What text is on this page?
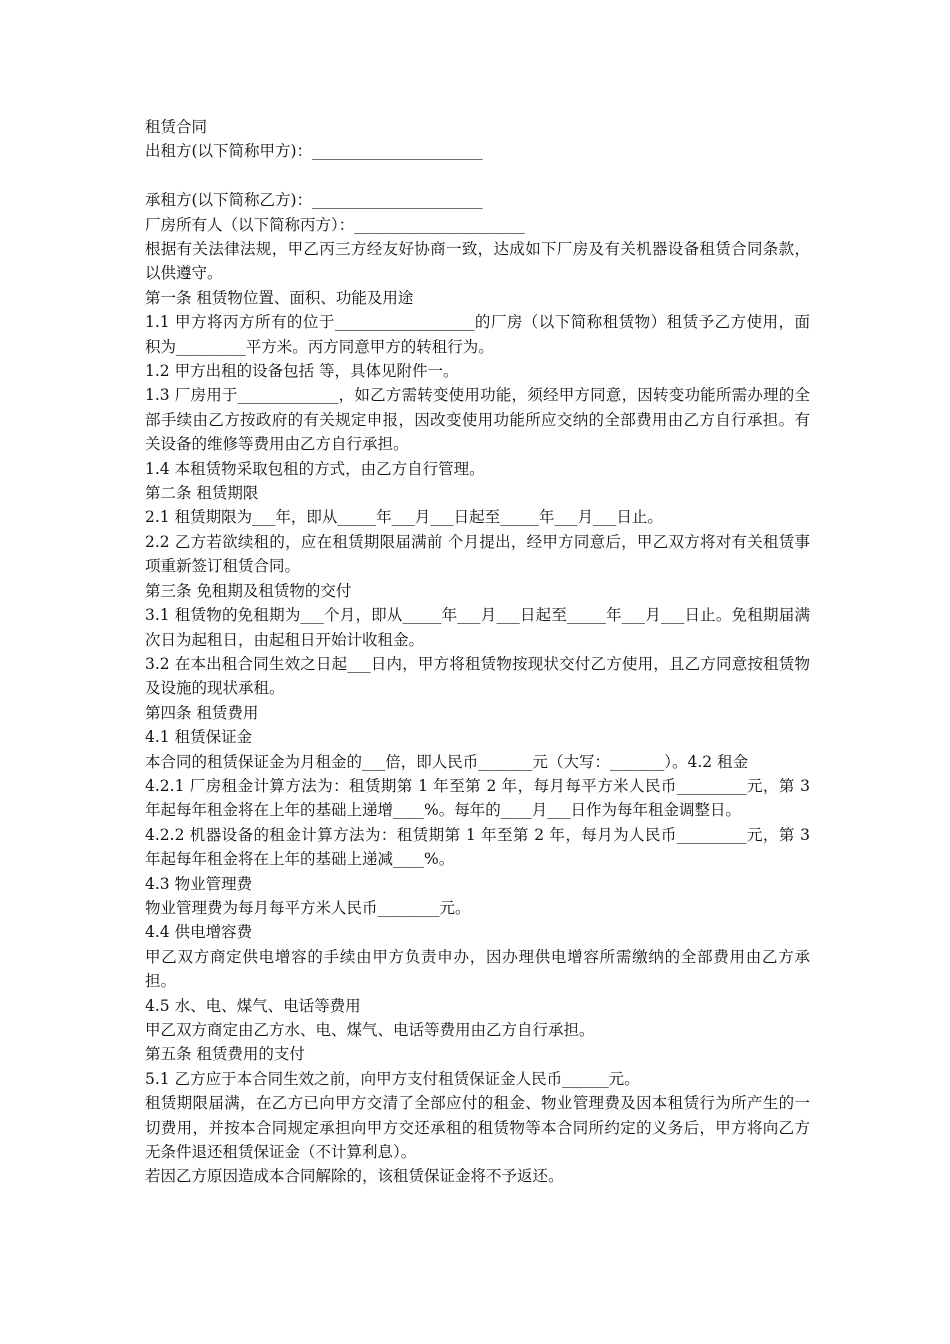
租赁合同
出租方(以下简称甲方)：______________________
承租方(以下简称乙方)：______________________
厂房所有人（以下简称丙方）：______________________
根据有关法律法规，甲乙丙三方经友好协商一致，达成如下厂房及有关机器设备租赁合同条款，以供遵守。
第一条 租赁物位置、面积、功能及用途
1.1 甲方将丙方所有的位于__________________的厂房（以下简称租赁物）租赁予乙方使用，面积为_________平方米。丙方同意甲方的转租行为。
1.2 甲方出租的设备包括 等，具体见附件一。
1.3 厂房用于_____________，如乙方需转变使用功能，须经甲方同意，因转变功能所需办理的全部手续由乙方按政府的有关规定申报，因改变使用功能所应交纳的全部费用由乙方自行承担。有关设备的维修等费用由乙方自行承担。
1.4 本租赁物采取包租的方式，由乙方自行管理。
第二条 租赁期限
2.1 租赁期限为___年，即从_____年___月___日起至_____年___月___日止。
2.2 乙方若欲续租的，应在租赁期限届满前 个月提出，经甲方同意后，甲乙双方将对有关租赁事项重新签订租赁合同。
第三条 免租期及租赁物的交付
3.1 租赁物的免租期为___个月，即从_____年___月___日起至_____年___月___日止。免租期届满次日为起租日，由起租日开始计收租金。
3.2 在本出租合同生效之日起___日内，甲方将租赁物按现状交付乙方使用，且乙方同意按租赁物及设施的现状承租。
第四条 租赁费用
4.1 租赁保证金
本合同的租赁保证金为月租金的___倍，即人民币_______元（大写：_______）。4.2 租金
4.2.1 厂房租金计算方法为：租赁期第 1 年至第 2 年，每月每平方米人民币_________元，第 3 年起每年租金将在上年的基础上递增____%。每年的____月___日作为每年租金调整日。
4.2.2 机器设备的租金计算方法为：租赁期第 1 年至第 2 年，每月为人民币_________元，第 3 年起每年租金将在上年的基础上递减____%。
4.3 物业管理费
物业管理费为每月每平方米人民币________元。
4.4 供电增容费
甲乙双方商定供电增容的手续由甲方负责申办，因办理供电增容所需缴纳的全部费用由乙方承担。
4.5 水、电、煤气、电话等费用
甲乙双方商定由乙方水、电、煤气、电话等费用由乙方自行承担。
第五条 租赁费用的支付
5.1 乙方应于本合同生效之前，向甲方支付租赁保证金人民币______元。
租赁期限届满，在乙方已向甲方交清了全部应付的租金、物业管理费及因本租赁行为所产生的一切费用，并按本合同规定承担向甲方交还承租的租赁物等本合同所约定的义务后，甲方将向乙方无条件退还租赁保证金（不计算利息）。
若因乙方原因造成本合同解除的，该租赁保证金将不予返还。
